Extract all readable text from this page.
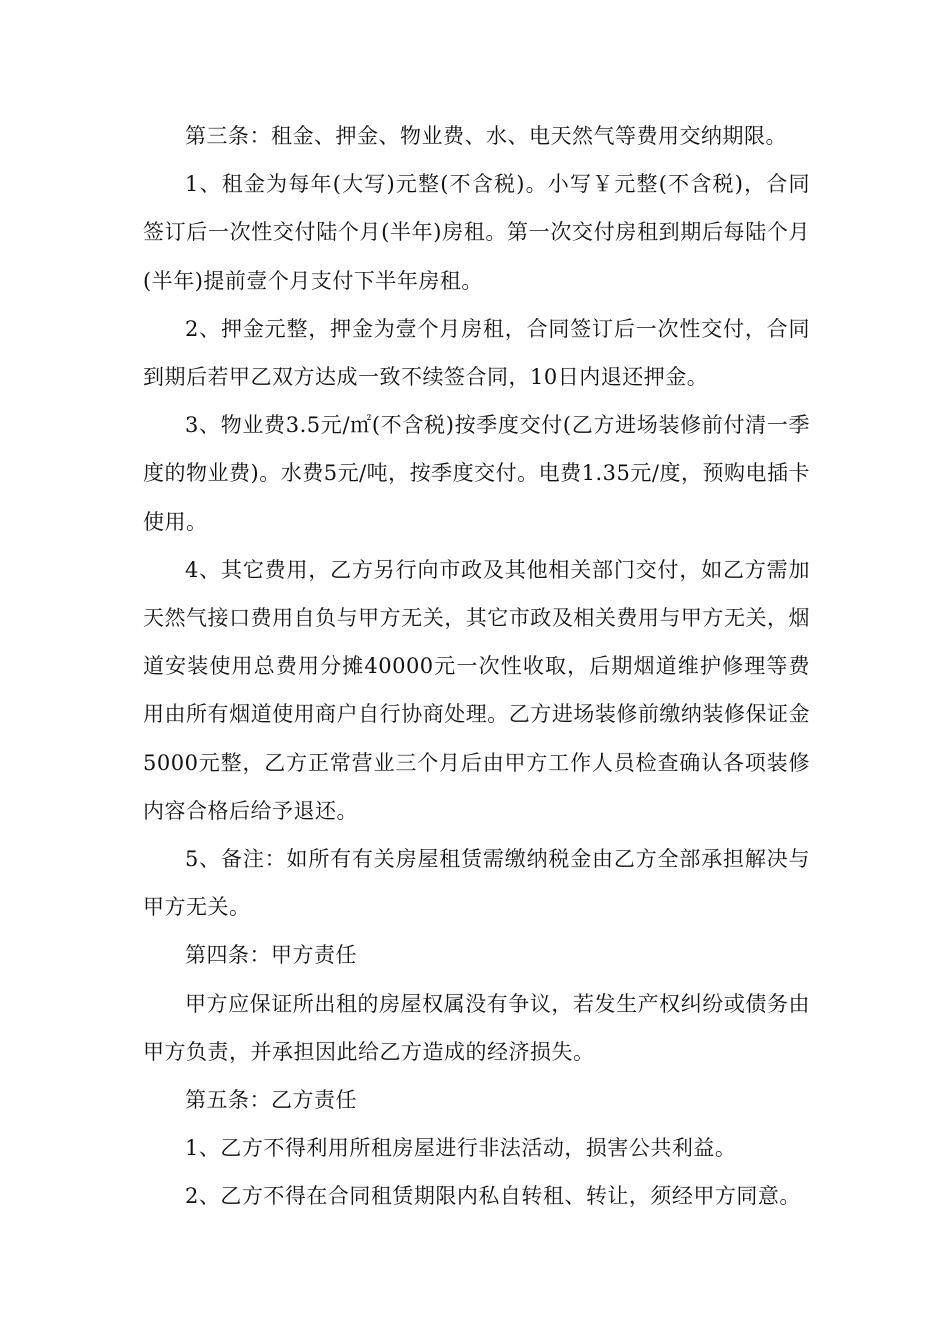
第三条：租金、押金、物业费、水、电天然气等费用交纳期限。

1、租金为每年(大写)元整(不含税)。小写￥元整(不含税)，合同签订后一次性交付陆个月(半年)房租。第一次交付房租到期后每陆个月(半年)提前壹个月支付下半年房租。

2、押金元整，押金为壹个月房租，合同签订后一次性交付，合同到期后若甲乙双方达成一致不续签合同，10日内退还押金。

3、物业费3.5元/㎡(不含税)按季度交付(乙方进场装修前付清一季度的物业费)。水费5元/吨，按季度交付。电费1.35元/度，预购电插卡使用。

4、其它费用，乙方另行向市政及其他相关部门交付，如乙方需加天然气接口费用自负与甲方无关，其它市政及相关费用与甲方无关，烟道安装使用总费用分摊40000元一次性收取，后期烟道维护修理等费用由所有烟道使用商户自行协商处理。乙方进场装修前缴纳装修保证金5000元整，乙方正常营业三个月后由甲方工作人员检查确认各项装修内容合格后给予退还。

5、备注：如所有有关房屋租赁需缴纳税金由乙方全部承担解决与甲方无关。

第四条：甲方责任

甲方应保证所出租的房屋权属没有争议，若发生产权纠纷或债务由甲方负责，并承担因此给乙方造成的经济损失。

第五条：乙方责任

1、乙方不得利用所租房屋进行非法活动，损害公共利益。

2、乙方不得在合同租赁期限内私自转租、转让，须经甲方同意。
